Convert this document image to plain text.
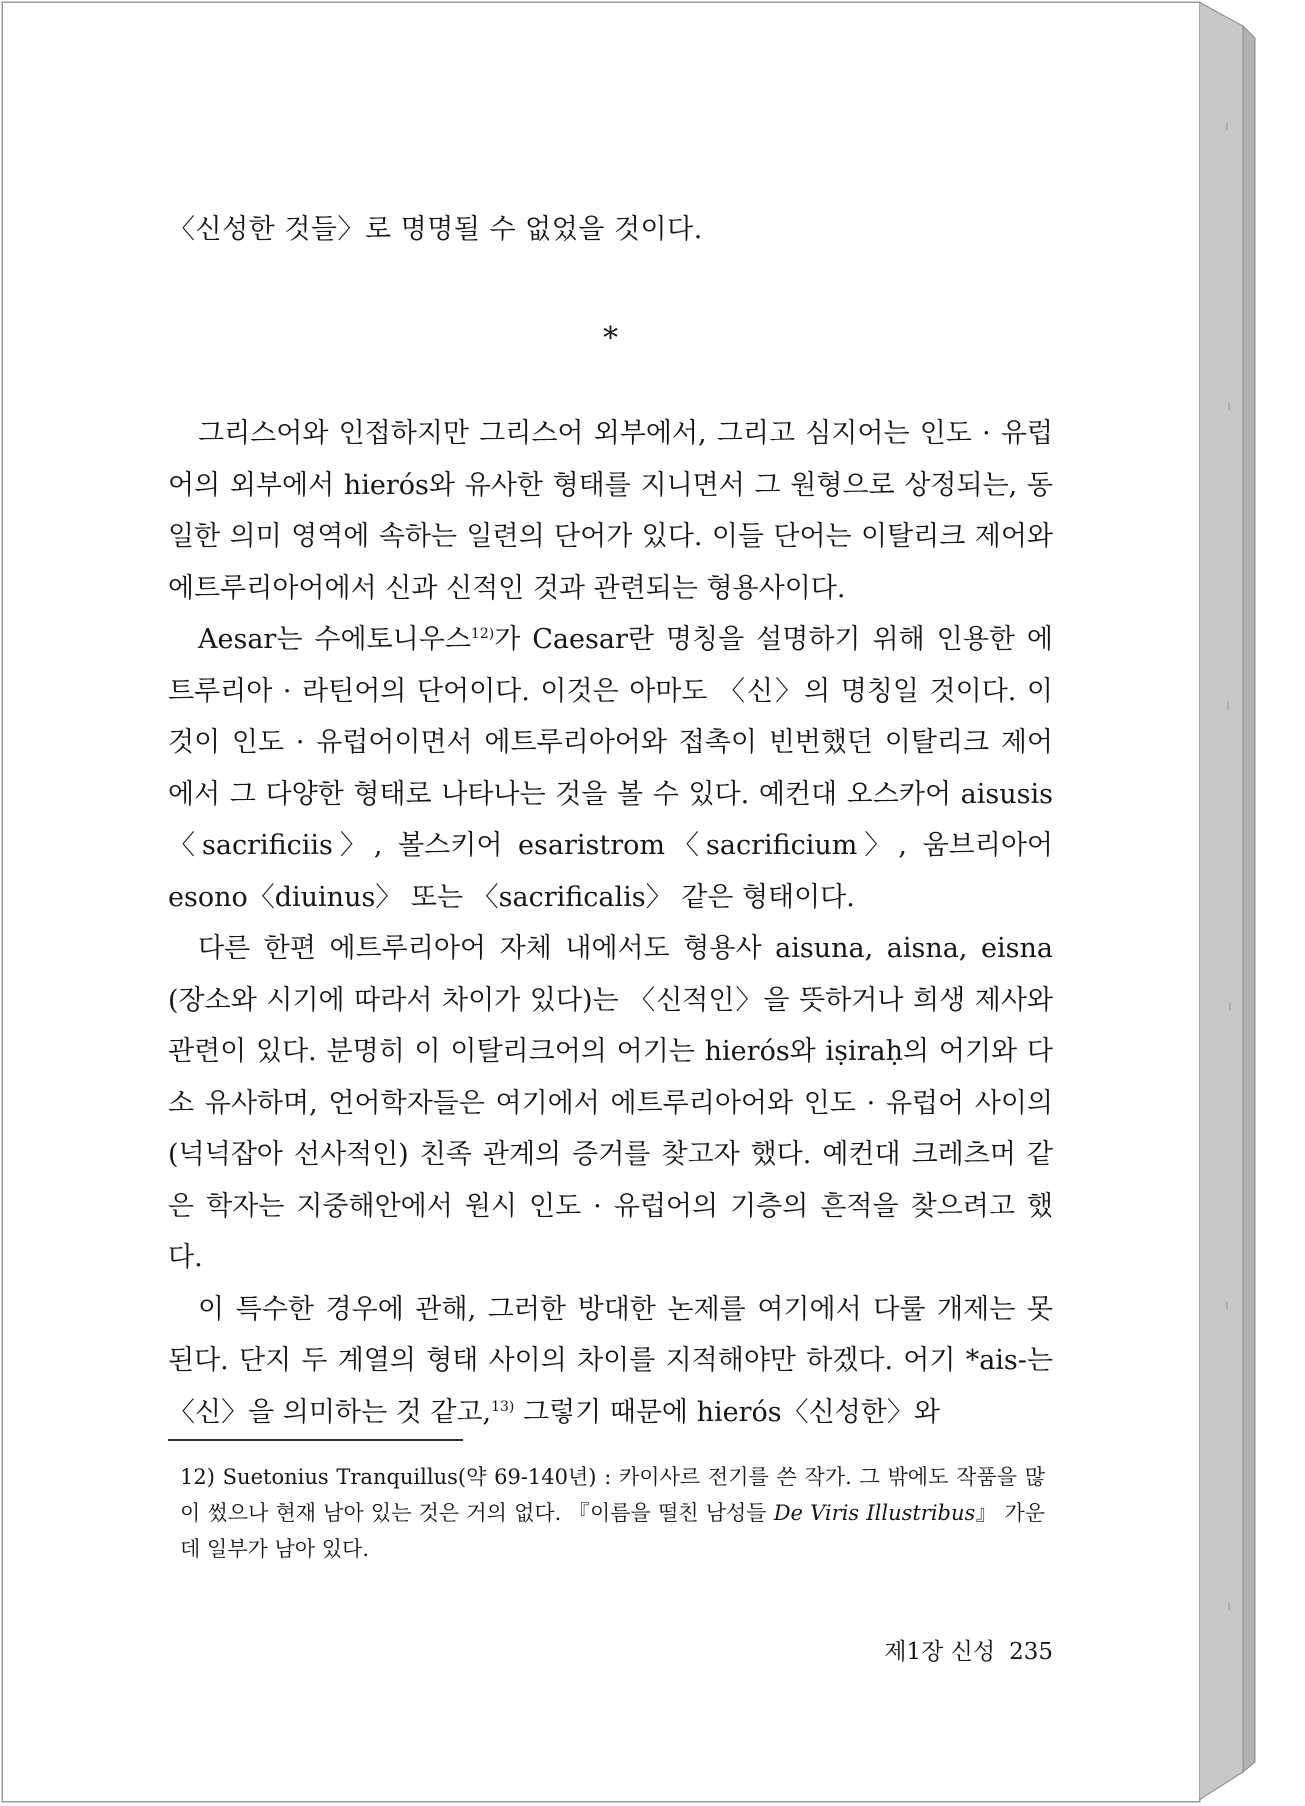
〈신성한 것들〉로 명명될 수 없었을 것이다.
*

그리스어와 인접하지만 그리스어 외부에서, 그리고 심지어는 인도 · 유럽어의 외부에서 hierós와 유사한 형태를 지니면서 그 원형으로 상정되는, 동일한 의미 영역에 속하는 일련의 단어가 있다. 이들 단어는 이탈리크 제어와 에트루리아어에서 신과 신적인 것과 관련되는 형용사이다.

Aesar는 수에토니우스$^{12)}$가 Caesar란 명칭을 설명하기 위해 인용한 에트루리아 · 라틴어의 단어이다. 이것은 아마도 〈신〉의 명칭일 것이다. 이것이 인도 · 유럽어이면서 에트루리아어와 접촉이 빈번했던 이탈리크 제어에서 그 다양한 형태로 나타나는 것을 볼 수 있다. 예컨대 오스카어 aisusis〈sacrificiis〉, 볼스키어 esaristrom〈sacrificium〉, 움브리아어 esono〈diuinus〉 또는 〈sacrificalis〉 같은 형태이다.

다른 한편 에트루리아어 자체 내에서도 형용사 aisuna, aisna, eisna (장소와 시기에 따라서 차이가 있다)는 〈신적인〉을 뜻하거나 희생 제사와 관련이 있다. 분명히 이 이탈리크어의 어기는 hierós와 iṣiraḥ의 어기와 다소 유사하며, 언어학자들은 여기에서 에트루리아어와 인도 · 유럽어 사이의 (넉넉잡아 선사적인) 친족 관계의 증거를 찾고자 했다. 예컨대 크레츠머 같은 학자는 지중해안에서 원시 인도 · 유럽어의 기층의 흔적을 찾으려고 했다.

이 특수한 경우에 관해, 그러한 방대한 논제를 여기에서 다룰 개제는 못 된다. 단지 두 계열의 형태 사이의 차이를 지적해야만 하겠다. 어기 *ais-는 〈신〉을 의미하는 것 같고,$^{13)}$ 그렇기 때문에 hierós〈신성한〉와

12) Suetonius Tranquillus(약 69-140년) : 카이사르 전기를 쓴 작가. 그 밖에도 작품을 많이 썼으나 현재 남아 있는 것은 거의 없다. 『이름을 떨친 남성들 De Viris Illustribus』 가운데 일부가 남아 있다.
제1장 신성 235
